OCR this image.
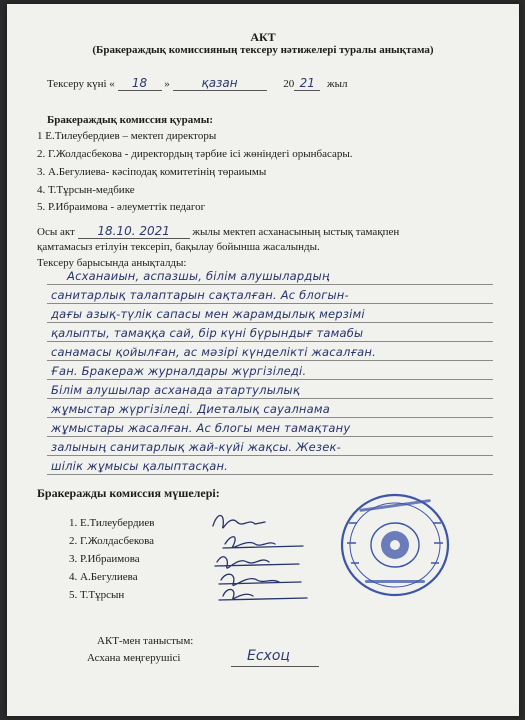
АКТ
(Бракераждық комиссияның тексеру нәтижелері туралы анықтама)
Тексеру күні « 18 »	қазан	20 21 жыл
Бракераждық комиссия қурамы:
1 Е.Тилеубердиев – мектеп директоры
2. Г.Жолдасбекова - директордың тәрбие ісі жөніндегі орынбасары.
3. А.Бегулиева- кәсіподақ комитетінің төраиымы
4. Т.Тұрсын-медбике
5. Р.Ибраимова - әлеуметтік педагог
Осы акт 18.10. 2021 жылы мектеп асханасының ыстық тамақпен
қамтамасыз етілуін тексеріп, бақылау бойынша жасалынды.
Тексеру барысында анықталды:
Асханаиын, аспазшы, білім алушылардың
санитарлық талаптарын сақталған. Ас блогын-
дағы азық-түлік сапасы мен жарамдылық мерзімі
қалыпты, тамаққa сай, бір күні бүрындығ тамабы
санамасы қойылған, ас мәзірі күнделікті жасалған.
Ған. Бракераж журналдары жүргізіледі.
Білім алушылар асханада атартулылық
жұмыстар жүргізіледі. Диеталық сауалнама
жұмыстары жасалған. Ас блогы мен тамақтану
залының санитарлық жай-күйі жақсы. Жезек-
шілік жұмысы қалыптасқан.
Бракеражды комиссия мүшелері:
1. Е.Тилеубердиев
2. Г.Жолдасбекова
3. Р.Ибраимова
4. А.Бегулиева
5. Т.Тұрсын
АКТ-мен таныстым:
Асхана меңгерушісі	Есхоц
